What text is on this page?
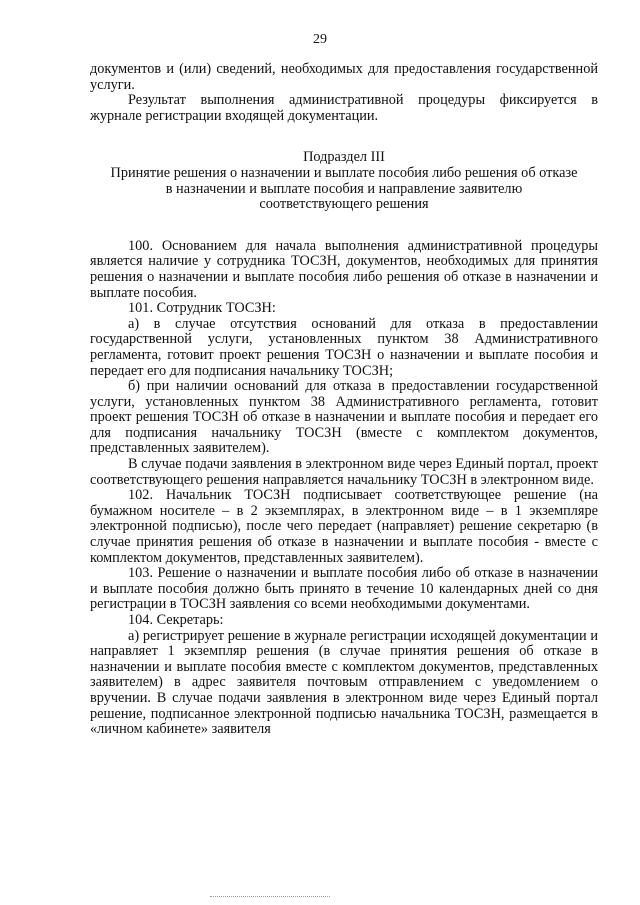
29

документов и (или) сведений, необходимых для предоставления государственной услуги.

Результат выполнения административной процедуры фиксируется в журнале регистрации входящей документации.

Подраздел III

Принятие решения о назначении и выплате пособия либо решения об отказе

в назначении и выплате пособия и направление заявителю

соответствующего решения

100. Основанием для начала выполнения административной процедуры является наличие у сотрудника ТОСЗН, документов, необходимых для принятия решения о назначении и выплате пособия либо решения об отказе в назначении и выплате пособия.

101. Сотрудник ТОСЗН:

а) в случае отсутствия оснований для отказа в предоставлении государственной услуги, установленных пунктом 38 Административного регламента, готовит проект решения ТОСЗН о назначении и выплате пособия и передает его для подписания начальнику ТОСЗН;

б) при наличии оснований для отказа в предоставлении государственной услуги, установленных пунктом 38 Административного регламента, готовит проект решения ТОСЗН об отказе в назначении и выплате пособия и передает его для подписания начальнику ТОСЗН (вместе с комплектом документов, представленных заявителем).

В случае подачи заявления в электронном виде через Единый портал, проект соответствующего решения направляется начальнику ТОСЗН в электронном виде.

102. Начальник ТОСЗН подписывает соответствующее решение (на бумажном носителе – в 2 экземплярах, в электронном виде – в 1 экземпляре электронной подписью), после чего передает (направляет) решение секретарю (в случае принятия решения об отказе в назначении и выплате пособия - вместе с комплектом документов, представленных заявителем).

103. Решение о назначении и выплате пособия либо об отказе в назначении и выплате пособия должно быть принято в течение 10 календарных дней со дня регистрации в ТОСЗН заявления со всеми необходимыми документами.

104. Секретарь:

а) регистрирует решение в журнале регистрации исходящей документации и направляет 1 экземпляр решения (в случае принятия решения об отказе в назначении и выплате пособия вместе с комплектом документов, представленных заявителем) в адрес заявителя почтовым отправлением с уведомлением о вручении. В случае подачи заявления в электронном виде через Единый портал решение, подписанное электронной подписью начальника ТОСЗН, размещается в «личном кабинете» заявителя
